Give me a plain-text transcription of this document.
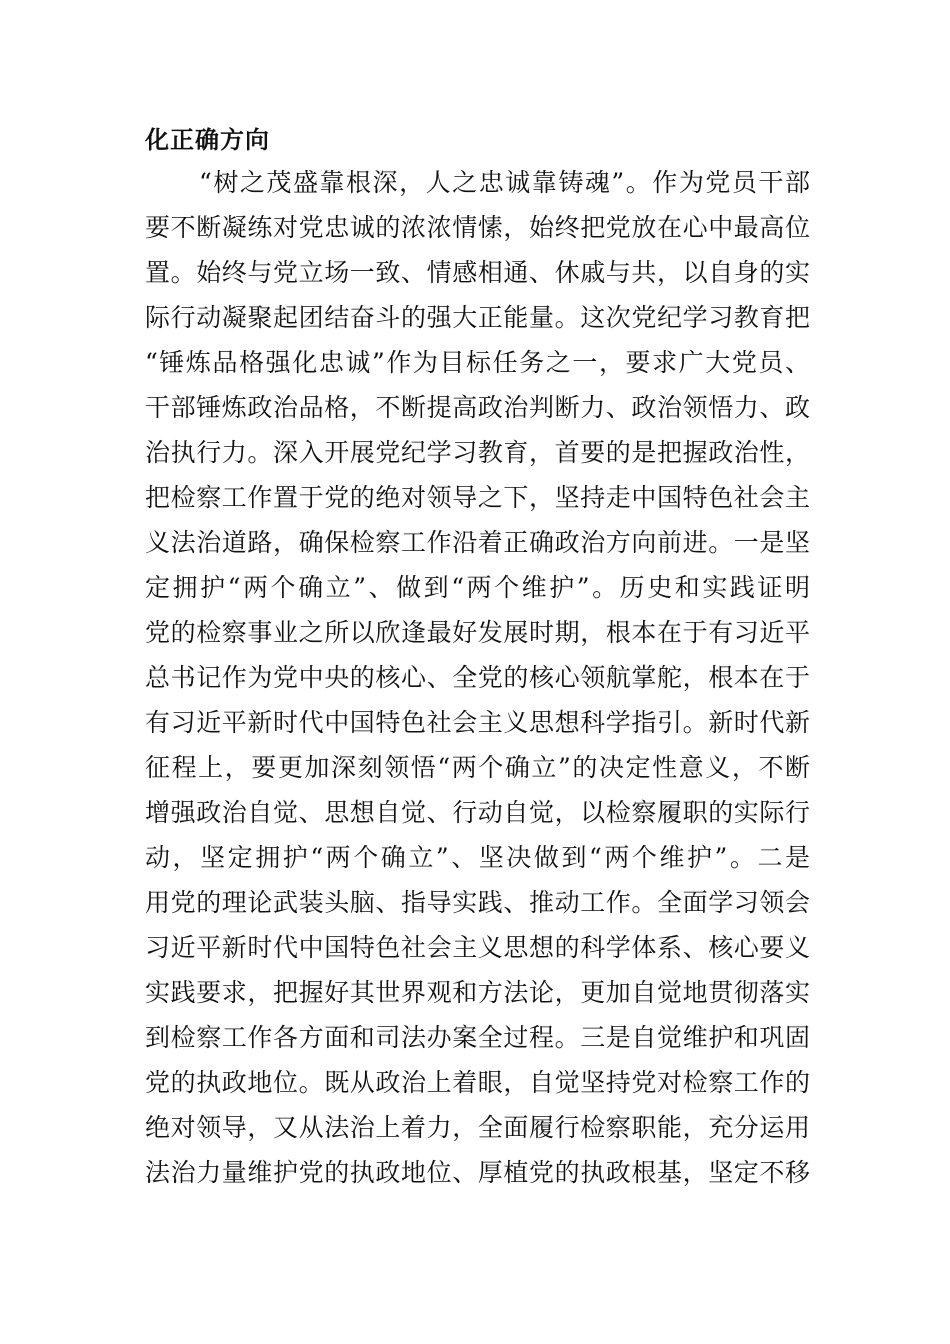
化正确方向
“树之茂盛靠根深，人之忠诚靠铸魂”。作为党员干部
要不断凝练对党忠诚的浓浓情愫，始终把党放在心中最高位
置。始终与党立场一致、情感相通、休戚与共，以自身的实
际行动凝聚起团结奋斗的强大正能量。这次党纪学习教育把
“锤炼品格强化忠诚”作为目标任务之一，要求广大党员、
干部锤炼政治品格，不断提高政治判断力、政治领悟力、政
治执行力。深入开展党纪学习教育，首要的是把握政治性，
把检察工作置于党的绝对领导之下，坚持走中国特色社会主
义法治道路，确保检察工作沿着正确政治方向前进。一是坚
定拥护“两个确立”、做到“两个维护”。历史和实践证明
党的检察事业之所以欣逢最好发展时期，根本在于有习近平
总书记作为党中央的核心、全党的核心领航掌舵，根本在于
有习近平新时代中国特色社会主义思想科学指引。新时代新
征程上，要更加深刻领悟“两个确立”的决定性意义，不断
增强政治自觉、思想自觉、行动自觉，以检察履职的实际行
动，坚定拥护“两个确立”、坚决做到“两个维护”。二是
用党的理论武装头脑、指导实践、推动工作。全面学习领会
习近平新时代中国特色社会主义思想的科学体系、核心要义
实践要求，把握好其世界观和方法论，更加自觉地贯彻落实
到检察工作各方面和司法办案全过程。三是自觉维护和巩固
党的执政地位。既从政治上着眼，自觉坚持党对检察工作的
绝对领导，又从法治上着力，全面履行检察职能，充分运用
法治力量维护党的执政地位、厚植党的执政根基，坚定不移
